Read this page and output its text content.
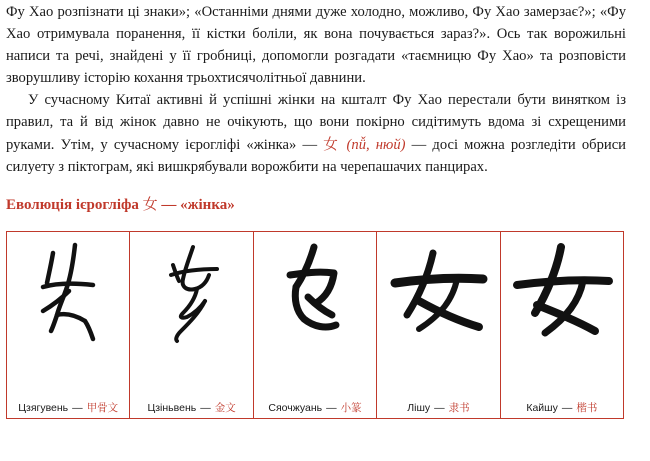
Фу Хао розпізнати ці знаки»; «Останніми днями дуже холодно, можливо, Фу Хао замерзає?»; «Фу Хао отримувала поранення, її кістки боліли, як вона почувається зараз?». Ось так ворожильні написи та речі, знайдені у її гробниці, допомогли розгадати «таємницю Фу Хао» та розповісти зворушливу історію кохання трьохтисячолітньої давнини.

У сучасному Китаї активні й успішні жінки на кшталт Фу Хао перестали бути винятком із правил, та й від жінок давно не очікують, що вони покірно сидітимуть вдома зі схрещеними руками. Утім, у сучасному ієрогліфі «жінка» — 女 (nǚ, нюй) — досі можна розгледіти обриси силуету з піктограм, які вишкрябували ворожбити на черепашачих панцирах.

Еволюція ієрогліфа 女 — «жінка»
Цзягувень — 甲骨文	Цзіньвень — 金文	Сяочжуань — 小篆	Лішу — 隶书	Кайшу — 楷书
